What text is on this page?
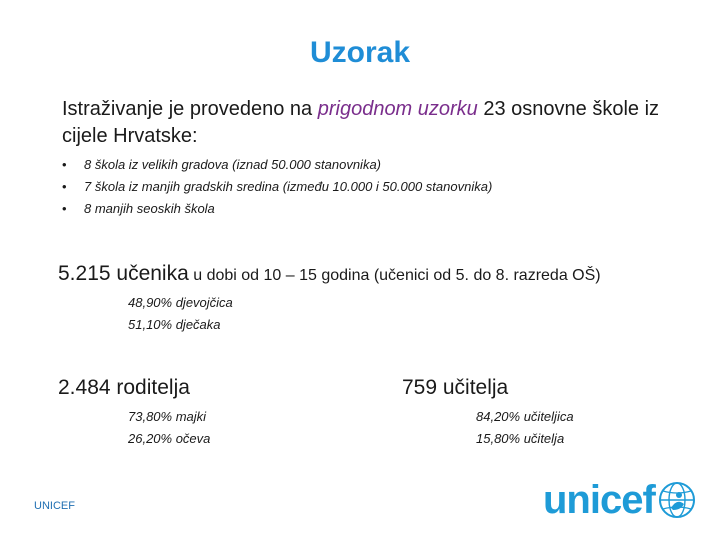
Uzorak
Istraživanje je provedeno na prigodnom uzorku 23 osnovne škole iz cijele Hrvatske:
• 8 škola iz velikih gradova (iznad 50.000 stanovnika)
• 7 škola iz manjih gradskih sredina (između 10.000 i 50.000 stanovnika)
• 8 manjih seoskih škola
5.215 učenika u dobi od 10 – 15 godina (učenici od 5. do 8. razreda OŠ)
48,90% djevojčica
51,10% dječaka
2.484 roditelja
73,80% majki
26,20% očeva
759 učitelja
84,20% učiteljica
15,80% učitelja
UNICEF	unicef
